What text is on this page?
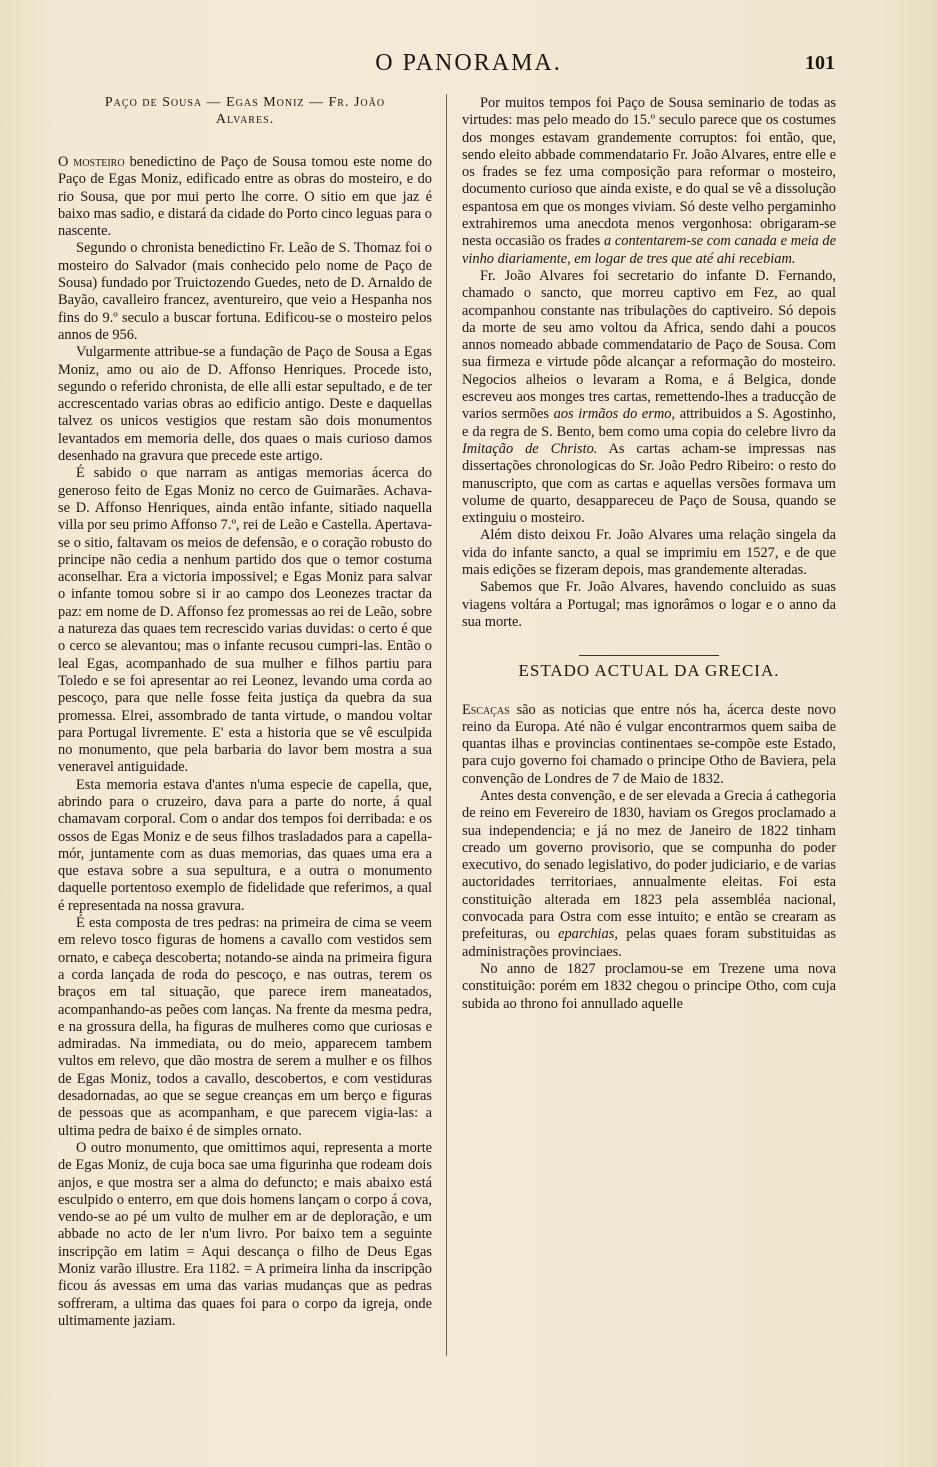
O PANORAMA.	101
Paço de Sousa — Egas Moniz — Fr. João
Alvares.

O mosteiro benedictino de Paço de Sousa tomou este nome do Paço de Egas Moniz, edificado entre as obras do mosteiro, e do rio Sousa, que por mui perto lhe corre. O sitio em que jaz é baixo mas sadio, e distará da cidade do Porto cinco leguas para o nascente.

Segundo o chronista benedictino Fr. Leão de S. Thomaz foi o mosteiro do Salvador (mais conhecido pelo nome de Paço de Sousa) fundado por Truictozendo Guedes, neto de D. Arnaldo de Bayão, cavalleiro francez, aventureiro, que veio a Hespanha nos fins do 9.º seculo a buscar fortuna. Edificou-se o mosteiro pelos annos de 956.

Vulgarmente attribue-se a fundação de Paço de Sousa a Egas Moniz, amo ou aio de D. Affonso Henriques. Procede isto, segundo o referido chronista, de elle alli estar sepultado, e de ter accrescentado varias obras ao edificio antigo. Deste e daquellas talvez os unicos vestigios que restam são dois monumentos levantados em memoria delle, dos quaes o mais curioso damos desenhado na gravura que precede este artigo.

É sabido o que narram as antigas memorias ácerca do generoso feito de Egas Moniz no cerco de Guimarães. Achava-se D. Affonso Henriques, ainda então infante, sitiado naquella villa por seu primo Affonso 7.º, rei de Leão e Castella. Apertava-se o sitio, faltavam os meios de defensão, e o coração robusto do principe não cedia a nenhum partido dos que o temor costuma aconselhar. Era a victoria impossivel; e Egas Moniz para salvar o infante tomou sobre si ir ao campo dos Leonezes tractar da paz: em nome de D. Affonso fez promessas ao rei de Leão, sobre a natureza das quaes tem recrescido varias duvidas: o certo é que o cerco se alevantou; mas o infante recusou cumpri-las. Então o leal Egas, acompanhado de sua mulher e filhos partiu para Toledo e se foi apresentar ao rei Leonez, levando uma corda ao pescoço, para que nelle fosse feita justiça da quebra da sua promessa. Elrei, assombrado de tanta virtude, o mandou voltar para Portugal livremente. E' esta a historia que se vê esculpida no monumento, que pela barbaria do lavor bem mostra a sua veneravel antiguidade.

Esta memoria estava d'antes n'uma especie de capella, que, abrindo para o cruzeiro, dava para a parte do norte, á qual chamavam corporal. Com o andar dos tempos foi derribada: e os ossos de Egas Moniz e de seus filhos trasladados para a capella-mór, juntamente com as duas memorias, das quaes uma era a que estava sobre a sua sepultura, e a outra o monumento daquelle portentoso exemplo de fidelidade que referimos, a qual é representada na nossa gravura.

É esta composta de tres pedras: na primeira de cima se veem em relevo tosco figuras de homens a cavallo com vestidos sem ornato, e cabeça descoberta; notando-se ainda na primeira figura a corda lançada de roda do pescoço, e nas outras, terem os braços em tal situação, que parece irem maneatados, acompanhando-as peões com lanças. Na frente da mesma pedra, e na grossura della, ha figuras de mulheres como que curiosas e admiradas. Na immediata, ou do meio, apparecem tambem vultos em relevo, que dão mostra de serem a mulher e os filhos de Egas Moniz, todos a cavallo, descobertos, e com vestiduras desadornadas, ao que se segue creanças em um berço e figuras de pessoas que as acompanham, e que parecem vigia-las: a ultima pedra de baixo é de simples ornato.

O outro monumento, que omittimos aqui, representa a morte de Egas Moniz, de cuja boca sae uma figurinha que rodeam dois anjos, e que mostra ser a alma do defuncto; e mais abaixo está esculpido o enterro, em que dois homens lançam o corpo á cova, vendo-se ao pé um vulto de mulher em ar de deploração, e um abbade no acto de ler n'um livro. Por baixo tem a seguinte inscripção em latim = Aqui descança o filho de Deus Egas Moniz varão illustre. Era 1182. = A primeira linha da inscripção ficou ás avessas em uma das varias mudanças que as pedras soffreram, a ultima das quaes foi para o corpo da igreja, onde ultimamente jaziam.

Por muitos tempos foi Paço de Sousa seminario de todas as virtudes: mas pelo meado do 15.º seculo parece que os costumes dos monges estavam grandemente corruptos: foi então, que, sendo eleito abbade commendatario Fr. João Alvares, entre elle e os frades se fez uma composição para reformar o mosteiro, documento curioso que ainda existe, e do qual se vê a dissolução espantosa em que os monges viviam. Só deste velho pergaminho extrahiremos uma anecdota menos vergonhosa: obrigaram-se nesta occasião os frades a contentarem-se com canada e meia de vinho diariamente, em logar de tres que até ahi recebiam.

Fr. João Alvares foi secretario do infante D. Fernando, chamado o sancto, que morreu captivo em Fez, ao qual acompanhou constante nas tribulações do captiveiro. Só depois da morte de seu amo voltou da Africa, sendo dahi a poucos annos nomeado abbade commendatario de Paço de Sousa. Com sua firmeza e virtude pôde alcançar a reformação do mosteiro. Negocios alheios o levaram a Roma, e á Belgica, donde escreveu aos monges tres cartas, remettendo-lhes a traducção de varios sermões aos irmãos do ermo, attribuidos a S. Agostinho, e da regra de S. Bento, bem como uma copia do celebre livro da Imitação de Christo. As cartas acham-se impressas nas dissertações chronologicas do Sr. João Pedro Ribeiro: o resto do manuscripto, que com as cartas e aquellas versões formava um volume de quarto, desappareceu de Paço de Sousa, quando se extinguiu o mosteiro.

Além disto deixou Fr. João Alvares uma relação singela da vida do infante sancto, a qual se imprimiu em 1527, e de que mais edições se fizeram depois, mas grandemente alteradas.

Sabemos que Fr. João Alvares, havendo concluido as suas viagens voltára a Portugal; mas ignorâmos o logar e o anno da sua morte.

ESTADO ACTUAL DA GRECIA.

Escaças são as noticias que entre nós ha, ácerca deste novo reino da Europa. Até não é vulgar encontrarmos quem saiba de quantas ilhas e provincias continentaes se-compõe este Estado, para cujo governo foi chamado o principe Otho de Baviera, pela convenção de Londres de 7 de Maio de 1832.

Antes desta convenção, e de ser elevada a Grecia á cathegoria de reino em Fevereiro de 1830, haviam os Gregos proclamado a sua independencia; e já no mez de Janeiro de 1822 tinham creado um governo provisorio, que se compunha do poder executivo, do senado legislativo, do poder judiciario, e de varias auctoridades territoriaes, annualmente eleitas. Foi esta constituição alterada em 1823 pela assembléa nacional, convocada para Ostra com esse intuito; e então se crearam as prefeituras, ou eparchias, pelas quaes foram substituidas as administrações provinciaes.

No anno de 1827 proclamou-se em Trezene uma nova constituição: porém em 1832 chegou o principe Otho, com cuja subida ao throno foi annullado aquelle
